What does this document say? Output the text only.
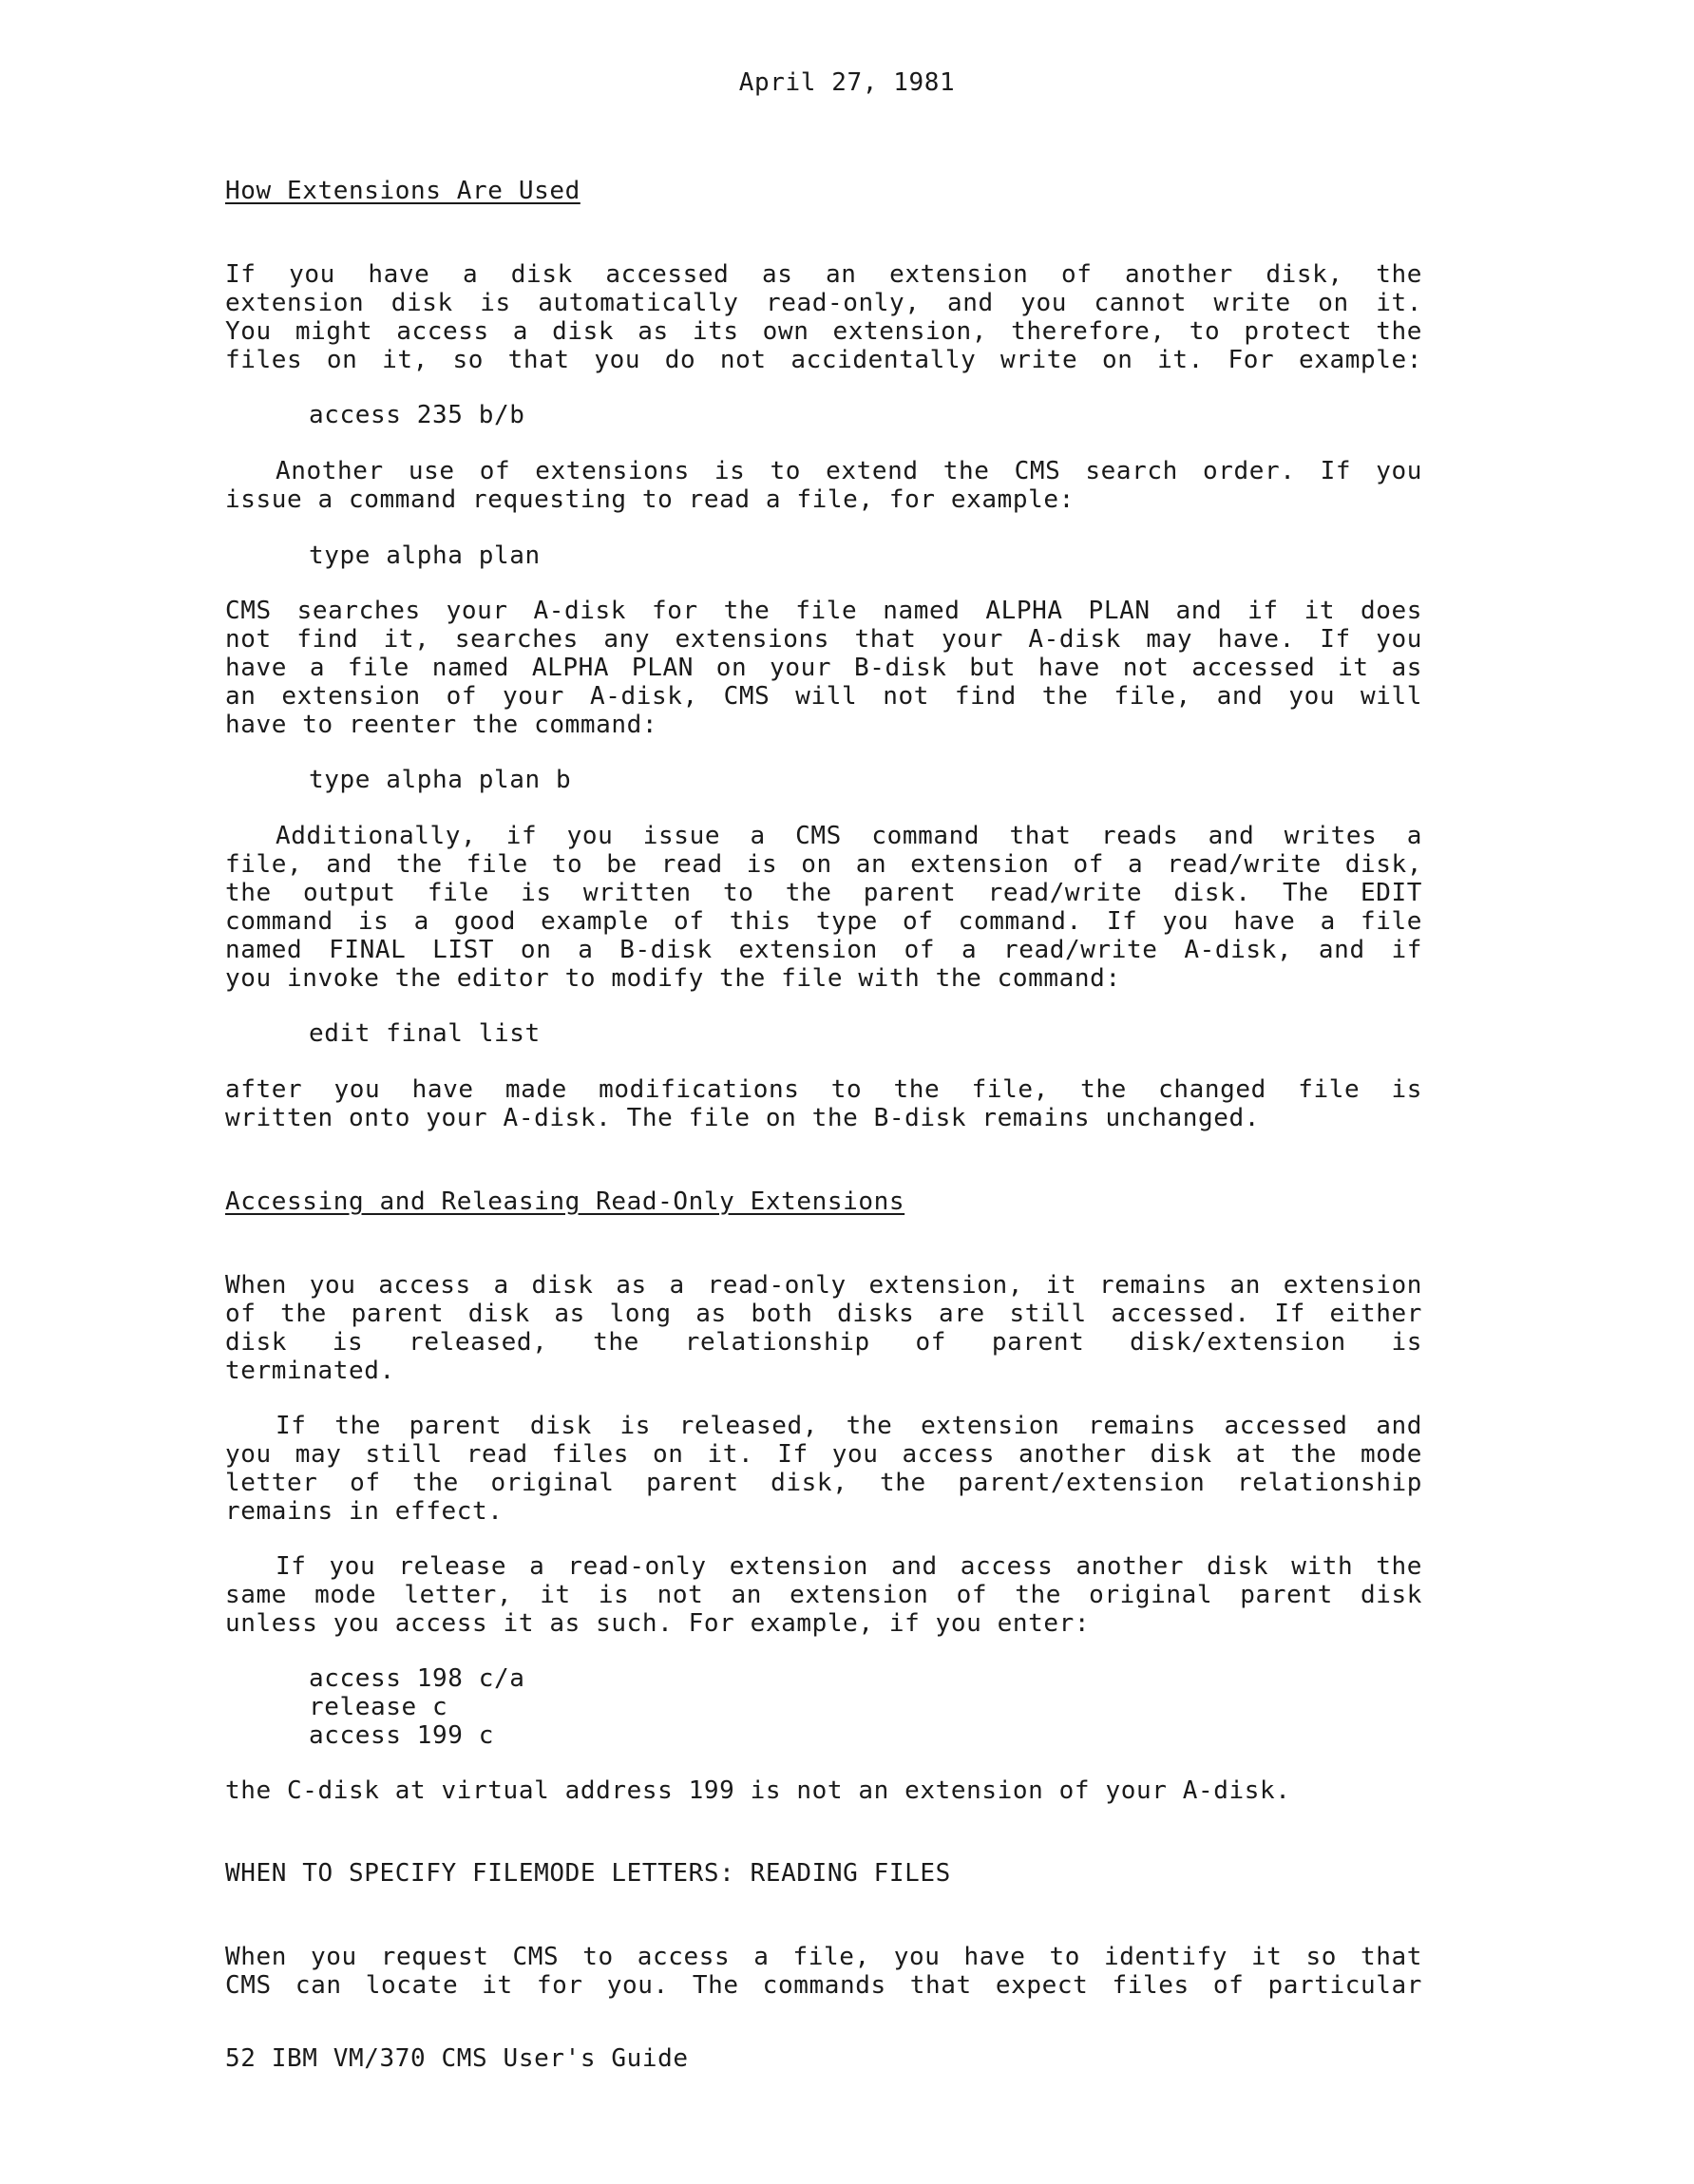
April 27, 1981
How Extensions Are Used
If you have a disk accessed as an extension of another disk, the
extension disk is automatically read-only, and you cannot write on it.
You might access a disk as its own extension, therefore, to protect the
files on it, so that you do not accidentally write on it. For example:
access 235 b/b
Another use of extensions is to extend the CMS search order. If you
issue a command requesting to read a file, for example:
type alpha plan
CMS searches your A-disk for the file named ALPHA PLAN and if it does
not find it, searches any extensions that your A-disk may have. If you
have a file named ALPHA PLAN on your B-disk but have not accessed it as
an extension of your A-disk, CMS will not find the file, and you will
have to reenter the command:
type alpha plan b
Additionally, if you issue a CMS command that reads and writes a
file, and the file to be read is on an extension of a read/write disk,
the output file is written to the parent read/write disk. The EDIT
command is a good example of this type of command. If you have a file
named FINAL LIST on a B-disk extension of a read/write A-disk, and if
you invoke the editor to modify the file with the command:
edit final list
after you have made modifications to the file, the changed file is
written onto your A-disk. The file on the B-disk remains unchanged.
Accessing and Releasing Read-Only Extensions
When you access a disk as a read-only extension, it remains an extension
of the parent disk as long as both disks are still accessed. If either
disk is released, the relationship of parent disk/extension is
terminated.
If the parent disk is released, the extension remains accessed and
you may still read files on it. If you access another disk at the mode
letter of the original parent disk, the parent/extension relationship
remains in effect.
If you release a read-only extension and access another disk with the
same mode letter, it is not an extension of the original parent disk
unless you access it as such. For example, if you enter:
access 198 c/a
release c
access 199 c
the C-disk at virtual address 199 is not an extension of your A-disk.
WHEN TO SPECIFY FILEMODE LETTERS: READING FILES
When you request CMS to access a file, you have to identify it so that
CMS can locate it for you. The commands that expect files of particular
52 IBM VM/370 CMS User's Guide
